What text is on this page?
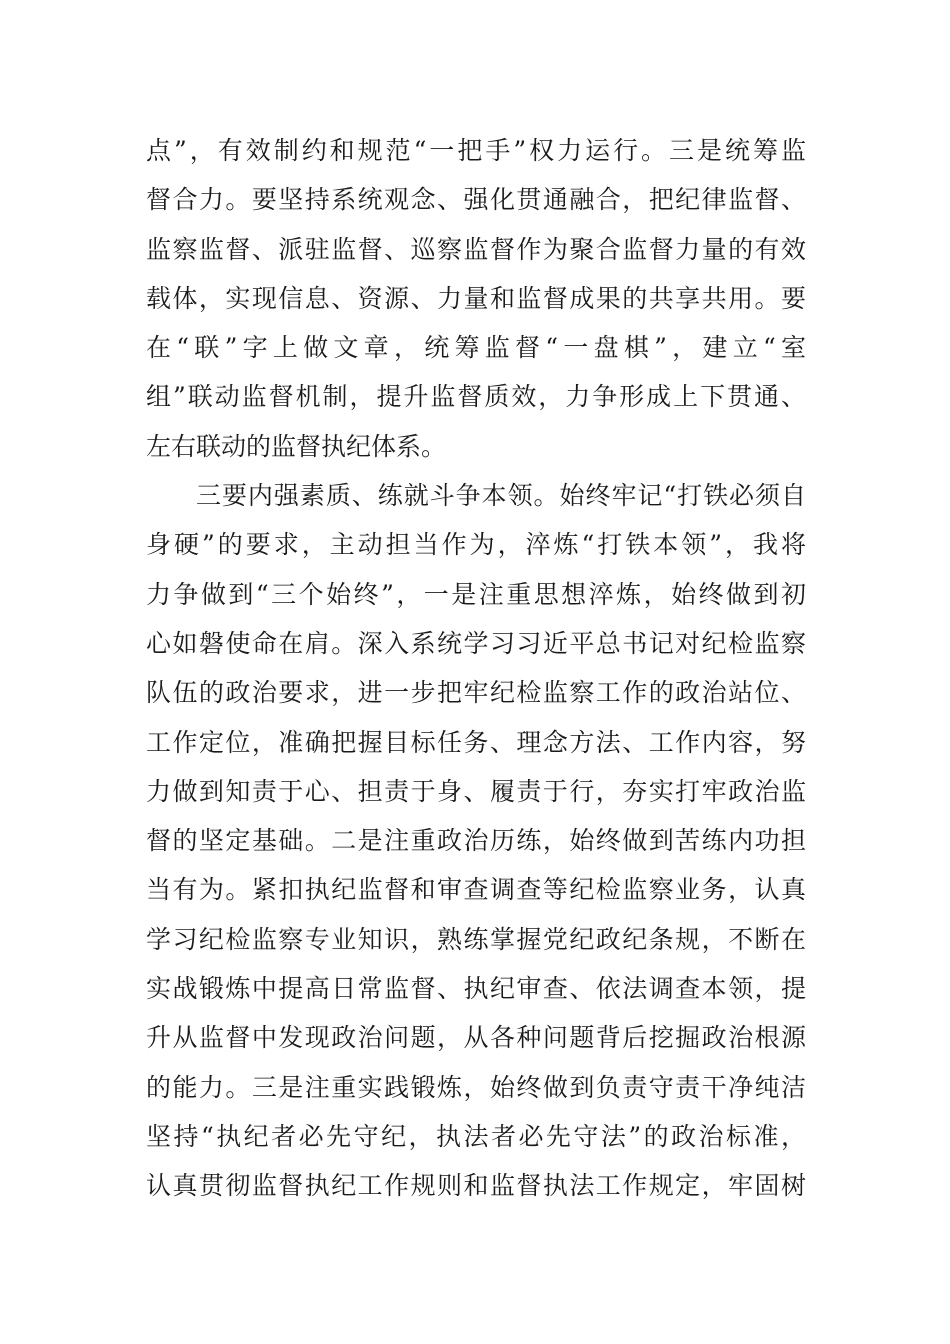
点”，有效制约和规范“一把手”权力运行。三是统筹监
督合力。要坚持系统观念、强化贯通融合，把纪律监督、
监察监督、派驻监督、巡察监督作为聚合监督力量的有效
载体，实现信息、资源、力量和监督成果的共享共用。要
在“联”字上做文章，统筹监督“一盘棋”，建立“室
组”联动监督机制，提升监督质效，力争形成上下贯通、
左右联动的监督执纪体系。
三要内强素质、练就斗争本领。始终牢记“打铁必须自
身硬”的要求，主动担当作为，淬炼“打铁本领”，我将
力争做到“三个始终”，一是注重思想淬炼，始终做到初
心如磐使命在肩。深入系统学习习近平总书记对纪检监察
队伍的政治要求，进一步把牢纪检监察工作的政治站位、
工作定位，准确把握目标任务、理念方法、工作内容，努
力做到知责于心、担责于身、履责于行，夯实打牢政治监
督的坚定基础。二是注重政治历练，始终做到苦练内功担
当有为。紧扣执纪监督和审查调查等纪检监察业务，认真
学习纪检监察专业知识，熟练掌握党纪政纪条规，不断在
实战锻炼中提高日常监督、执纪审查、依法调查本领，提
升从监督中发现政治问题，从各种问题背后挖掘政治根源
的能力。三是注重实践锻炼，始终做到负责守责干净纯洁
坚持“执纪者必先守纪，执法者必先守法”的政治标准，
认真贯彻监督执纪工作规则和监督执法工作规定，牢固树
